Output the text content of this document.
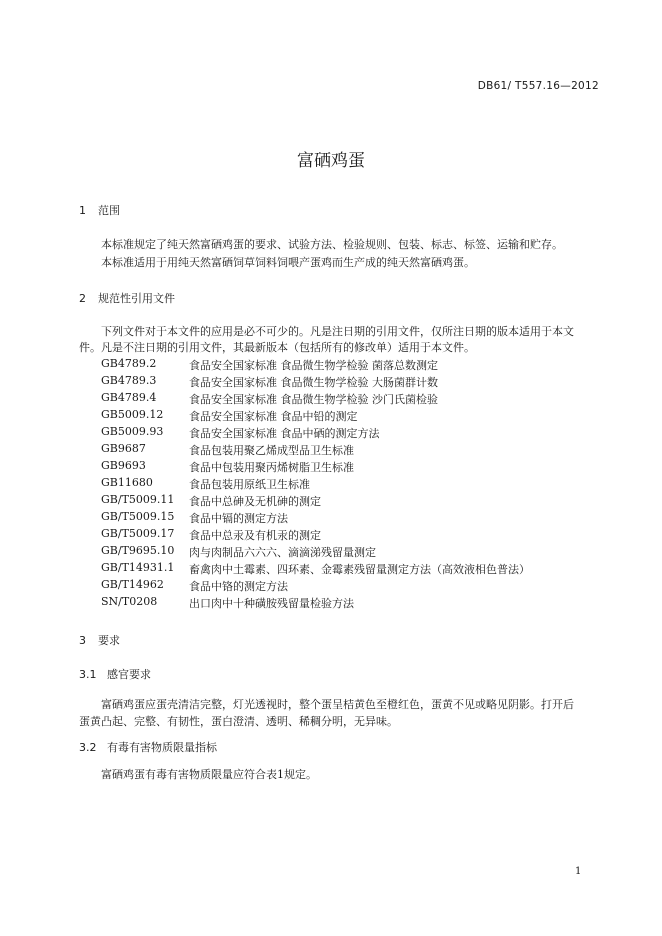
DB61/ T557.16—2012
富硒鸡蛋
1 范围
本标准规定了纯天然富硒鸡蛋的要求、试验方法、检验规则、包装、标志、标签、运输和贮存。
本标准适用于用纯天然富硒饲草饲料饲喂产蛋鸡而生产成的纯天然富硒鸡蛋。
2 规范性引用文件
下列文件对于本文件的应用是必不可少的。凡是注日期的引用文件，仅所注日期的版本适用于本文
件。凡是不注日期的引用文件，其最新版本（包括所有的修改单）适用于本文件。
GB4789.2	食品安全国家标准 食品微生物学检验 菌落总数测定
GB4789.3	食品安全国家标准 食品微生物学检验 大肠菌群计数
GB4789.4	食品安全国家标准 食品微生物学检验 沙门氏菌检验
GB5009.12 食品安全国家标准 食品中铅的测定
GB5009.93 食品安全国家标准 食品中硒的测定方法
GB9687	食品包装用聚乙烯成型品卫生标准
GB9693	食品中包装用聚丙烯树脂卫生标准
GB11680	食品包装用原纸卫生标准
GB/T5009.11 食品中总砷及无机砷的测定
GB/T5009.15 食品中镉的测定方法
GB/T5009.17 食品中总汞及有机汞的测定
GB/T9695.10 肉与肉制品六六六、滴滴涕残留量测定
GB/T14931.1 畜禽肉中土霉素、四环素、金霉素残留量测定方法（高效液相色普法）
GB/T14962 食品中铬的测定方法
SN/T0208	出口肉中十种磺胺残留量检验方法
3 要求
3.1 感官要求
富硒鸡蛋应蛋壳清洁完整，灯光透视时，整个蛋呈桔黄色至橙红色，蛋黄不见或略见阴影。打开后
蛋黄凸起、完整、有韧性，蛋白澄清、透明、稀稠分明，无异味。
3.2 有毒有害物质限量指标
富硒鸡蛋有毒有害物质限量应符合表1规定。
1
